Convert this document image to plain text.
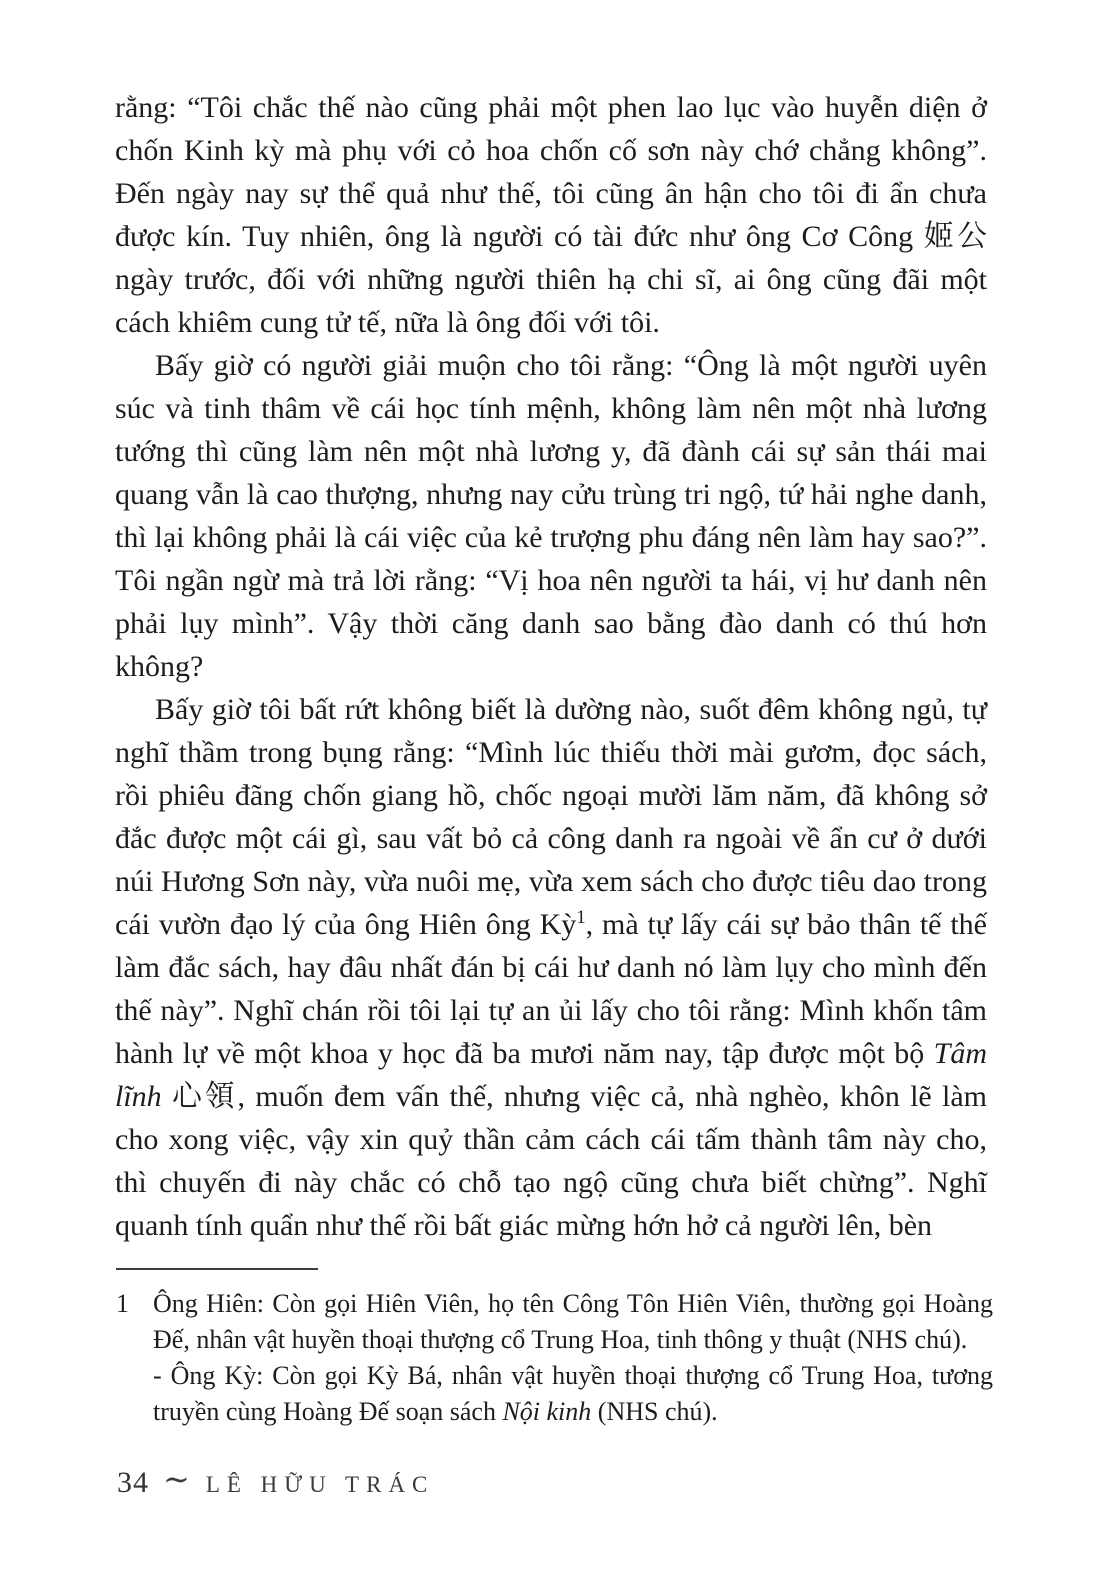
rằng: “Tôi chắc thế nào cũng phải một phen lao lục vào huyễn diện ở chốn Kinh kỳ mà phụ với cỏ hoa chốn cố sơn này chớ chẳng không”. Đến ngày nay sự thể quả như thế, tôi cũng ân hận cho tôi đi ẩn chưa được kín. Tuy nhiên, ông là người có tài đức như ông Cơ Công 姬公 ngày trước, đối với những người thiên hạ chi sĩ, ai ông cũng đãi một cách khiêm cung tử tế, nữa là ông đối với tôi.

Bấy giờ có người giải muộn cho tôi rằng: “Ông là một người uyên súc và tinh thâm về cái học tính mệnh, không làm nên một nhà lương tướng thì cũng làm nên một nhà lương y, đã đành cái sự sản thái mai quang vẫn là cao thượng, nhưng nay cửu trùng tri ngộ, tứ hải nghe danh, thì lại không phải là cái việc của kẻ trượng phu đáng nên làm hay sao?”. Tôi ngần ngừ mà trả lời rằng: “Vị hoa nên người ta hái, vị hư danh nên phải lụy mình”. Vậy thời căng danh sao bằng đào danh có thú hơn không?

Bấy giờ tôi bất rứt không biết là dường nào, suốt đêm không ngủ, tự nghĩ thầm trong bụng rằng: “Mình lúc thiếu thời mài gươm, đọc sách, rồi phiêu đãng chốn giang hồ, chốc ngoại mười lăm năm, đã không sở đắc được một cái gì, sau vất bỏ cả công danh ra ngoài về ẩn cư ở dưới núi Hương Sơn này, vừa nuôi mẹ, vừa xem sách cho được tiêu dao trong cái vườn đạo lý của ông Hiên ông Kỳ$^1$, mà tự lấy cái sự bảo thân tế thế làm đắc sách, hay đâu nhất đán bị cái hư danh nó làm lụy cho mình đến thế này”. Nghĩ chán rồi tôi lại tự an ủi lấy cho tôi rằng: Mình khốn tâm hành lự về một khoa y học đã ba mươi năm nay, tập được một bộ Tâm lĩnh 心領, muốn đem vấn thế, nhưng việc cả, nhà nghèo, khôn lẽ làm cho xong việc, vậy xin quỷ thần cảm cách cái tấm thành tâm này cho, thì chuyến đi này chắc có chỗ tạo ngộ cũng chưa biết chừng”. Nghĩ quanh tính quẩn như thế rồi bất giác mừng hớn hở cả người lên, bèn

1 Ông Hiên: Còn gọi Hiên Viên, họ tên Công Tôn Hiên Viên, thường gọi Hoàng Đế, nhân vật huyền thoại thượng cổ Trung Hoa, tinh thông y thuật (NHS chú).

- Ông Kỳ: Còn gọi Kỳ Bá, nhân vật huyền thoại thượng cổ Trung Hoa, tương truyền cùng Hoàng Đế soạn sách Nội kinh (NHS chú).

34 ∼ LÊ HỮU TRÁC
